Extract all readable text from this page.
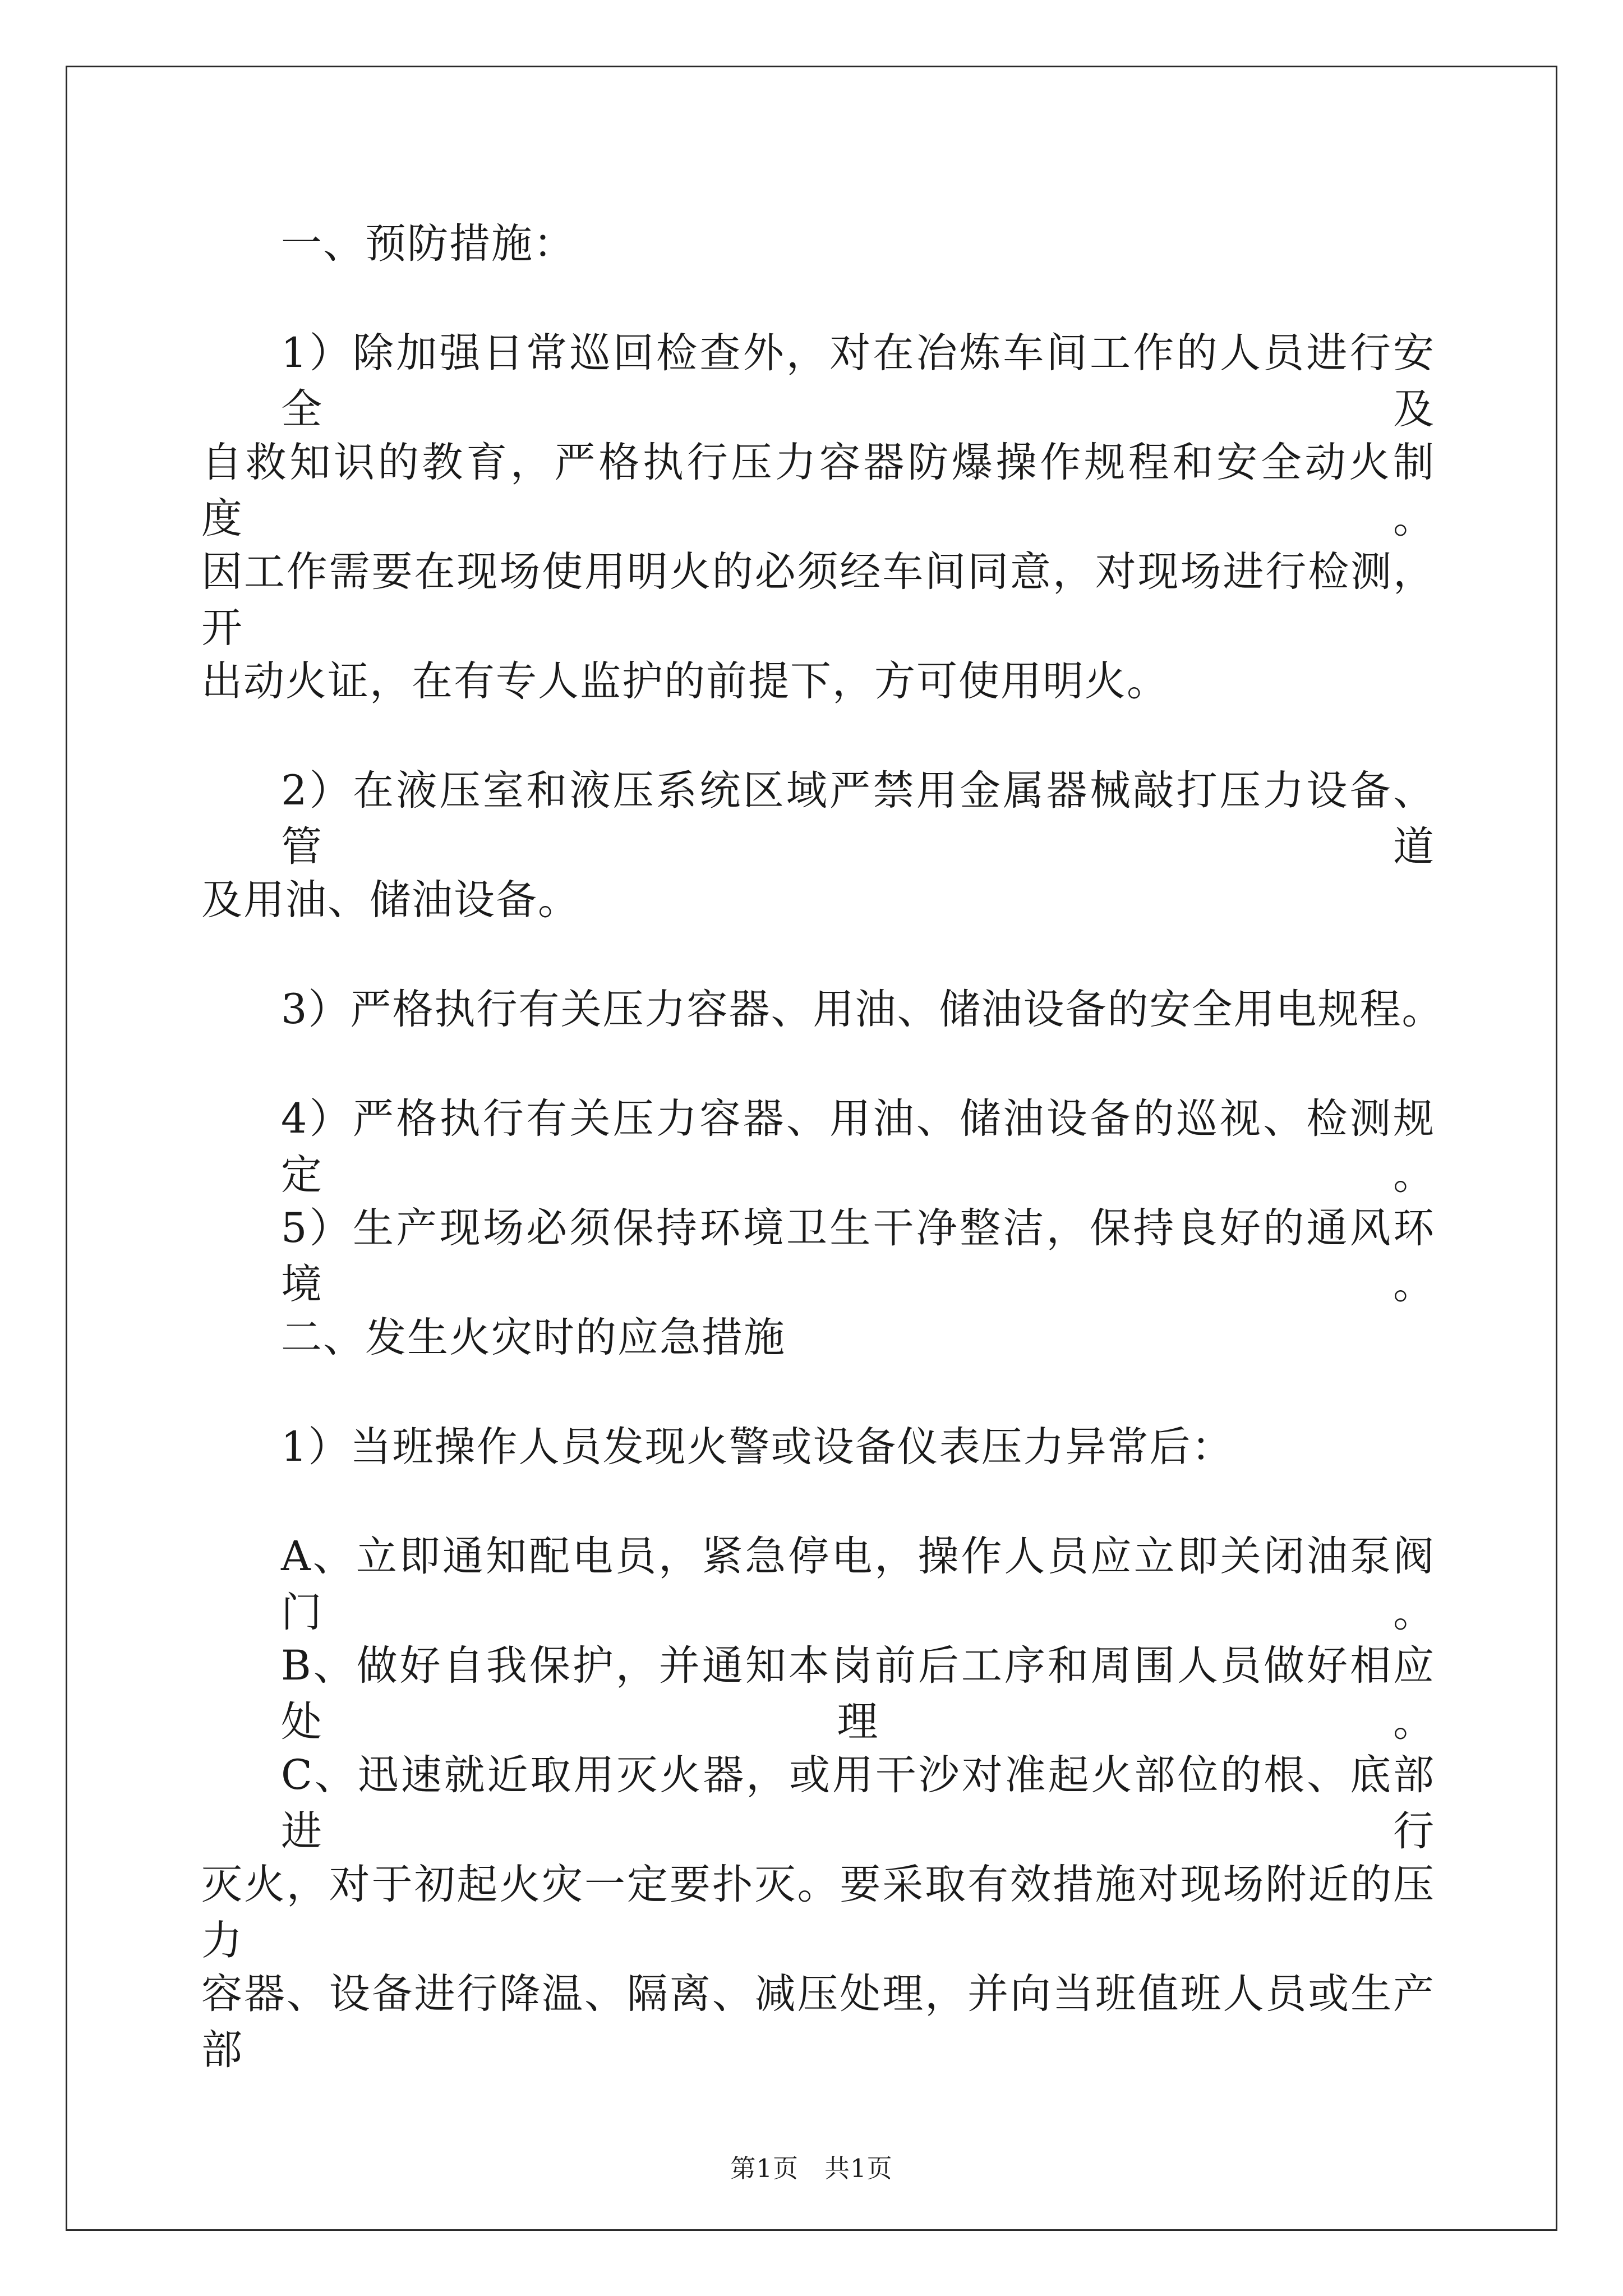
一、预防措施：
1）除加强日常巡回检查外，对在冶炼车间工作的人员进行安全及
自救知识的教育，严格执行压力容器防爆操作规程和安全动火制度。
因工作需要在现场使用明火的必须经车间同意，对现场进行检测，开
出动火证，在有专人监护的前提下，方可使用明火。
2）在液压室和液压系统区域严禁用金属器械敲打压力设备、管道
及用油、储油设备。
3）严格执行有关压力容器、用油、储油设备的安全用电规程。
4）严格执行有关压力容器、用油、储油设备的巡视、检测规定。
5）生产现场必须保持环境卫生干净整洁，保持良好的通风环境。
二、发生火灾时的应急措施
1）当班操作人员发现火警或设备仪表压力异常后：
A、立即通知配电员，紧急停电，操作人员应立即关闭油泵阀门。
B、做好自我保护，并通知本岗前后工序和周围人员做好相应处理。
C、迅速就近取用灭火器，或用干沙对准起火部位的根、底部进行
灭火，对于初起火灾一定要扑灭。要采取有效措施对现场附近的压力
容器、设备进行降温、隔离、减压处理，并向当班值班人员或生产部
第1页　共1页
